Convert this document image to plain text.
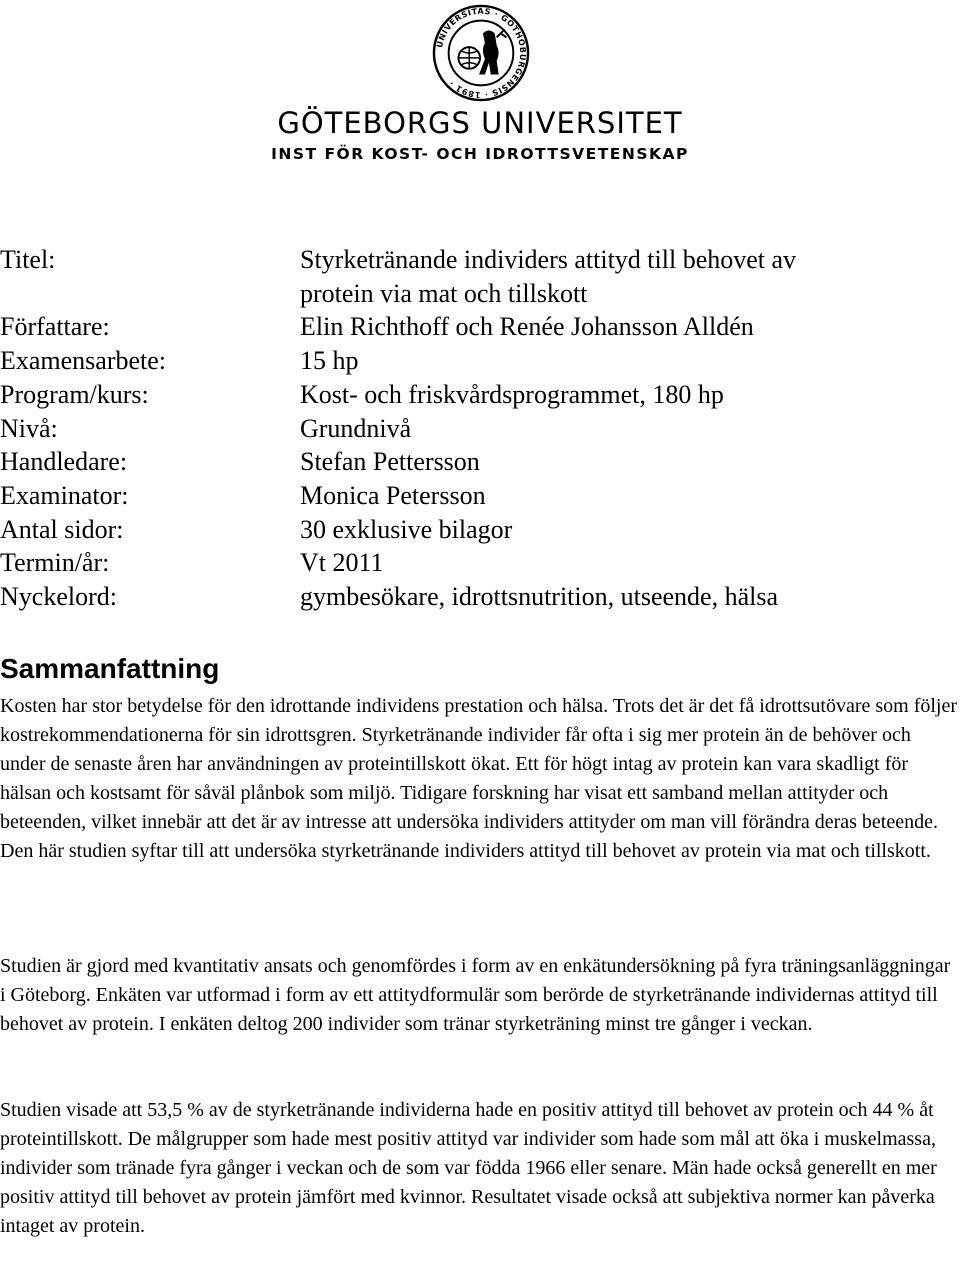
UNIVERSITAS · GOTHOBURGENSIS · 1891 ·
GÖTEBORGS UNIVERSITET
INST FÖR KOST- OCH IDROTTSVETENSKAP
Titel:	Styrketränande individers attityd till behovet av
protein via mat och tillskott
Författare:	Elin Richthoff och Renée Johansson Alldén
Examensarbete:	15 hp
Program/kurs:	Kost- och friskvårdsprogrammet, 180 hp
Nivå:	Grundnivå
Handledare:	Stefan Pettersson
Examinator:	Monica Petersson
Antal sidor:	30 exklusive bilagor
Termin/år:	Vt 2011
Nyckelord:	gymbesökare, idrottsnutrition, utseende, hälsa
Sammanfattning

Kosten har stor betydelse för den idrottande individens prestation och hälsa. Trots det är det få idrottsutövare som följer kostrekommendationerna för sin idrottsgren. Styrketränande individer får ofta i sig mer protein än de behöver och under de senaste åren har användningen av proteintillskott ökat. Ett för högt intag av protein kan vara skadligt för hälsan och kostsamt för såväl plånbok som miljö. Tidigare forskning har visat ett samband mellan attityder och beteenden, vilket innebär att det är av intresse att undersöka individers attityder om man vill förändra deras beteende. Den här studien syftar till att undersöka styrketränande individers attityd till behovet av protein via mat och tillskott.

Studien är gjord med kvantitativ ansats och genomfördes i form av en enkätundersökning på fyra träningsanläggningar i Göteborg. Enkäten var utformad i form av ett attitydformulär som berörde de styrketränande individernas attityd till behovet av protein. I enkäten deltog 200 individer som tränar styrketräning minst tre gånger i veckan.

Studien visade att 53,5 % av de styrketränande individerna hade en positiv attityd till behovet av protein och 44 % åt proteintillskott. De målgrupper som hade mest positiv attityd var individer som hade som mål att öka i muskelmassa, individer som tränade fyra gånger i veckan och de som var födda 1966 eller senare. Män hade också generellt en mer positiv attityd till behovet av protein jämfört med kvinnor. Resultatet visade också att subjektiva normer kan påverka intaget av protein.
